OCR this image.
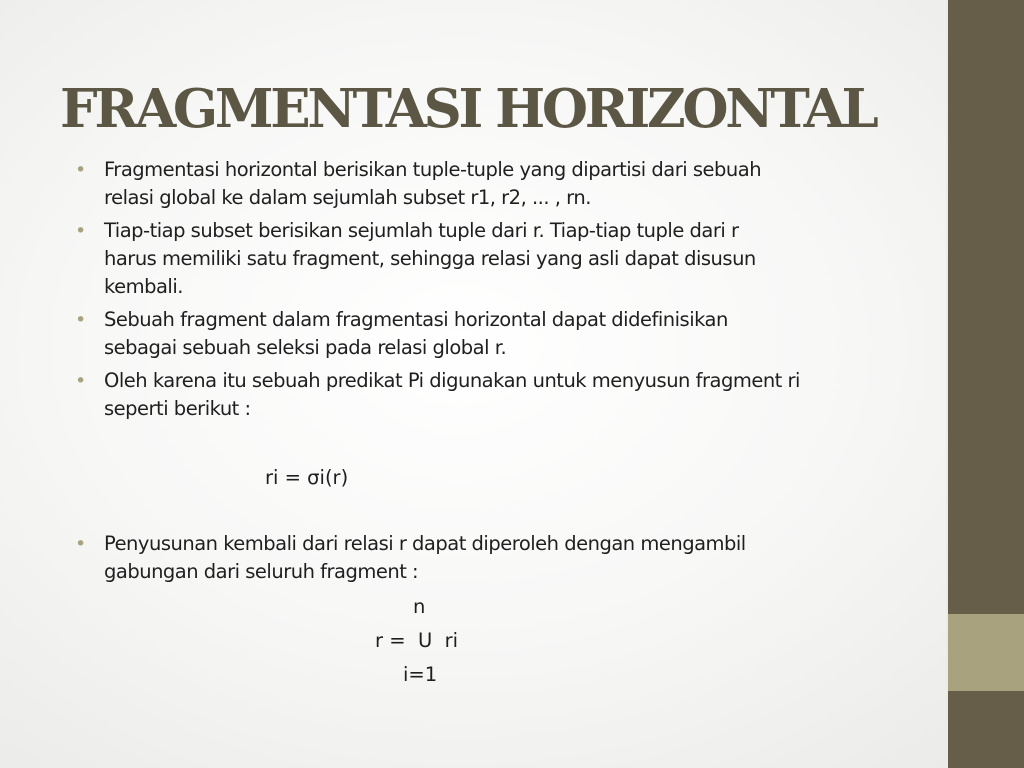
FRAGMENTASI HORIZONTAL
• Fragmentasi horizontal berisikan tuple-tuple yang dipartisi dari sebuah
relasi global ke dalam sejumlah subset r1, r2, ... , rn.
• Tiap-tiap subset berisikan sejumlah tuple dari r. Tiap-tiap tuple dari r
harus memiliki satu fragment, sehingga relasi yang asli dapat disusun
kembali.
• Sebuah fragment dalam fragmentasi horizontal dapat didefinisikan
sebagai sebuah seleksi pada relasi global r.
• Oleh karena itu sebuah predikat Pi digunakan untuk menyusun fragment ri
seperti berikut :
ri = σi(r)
• Penyusunan kembali dari relasi r dapat diperoleh dengan mengambil
gabungan dari seluruh fragment :
n
r =  U  ri
i=1
